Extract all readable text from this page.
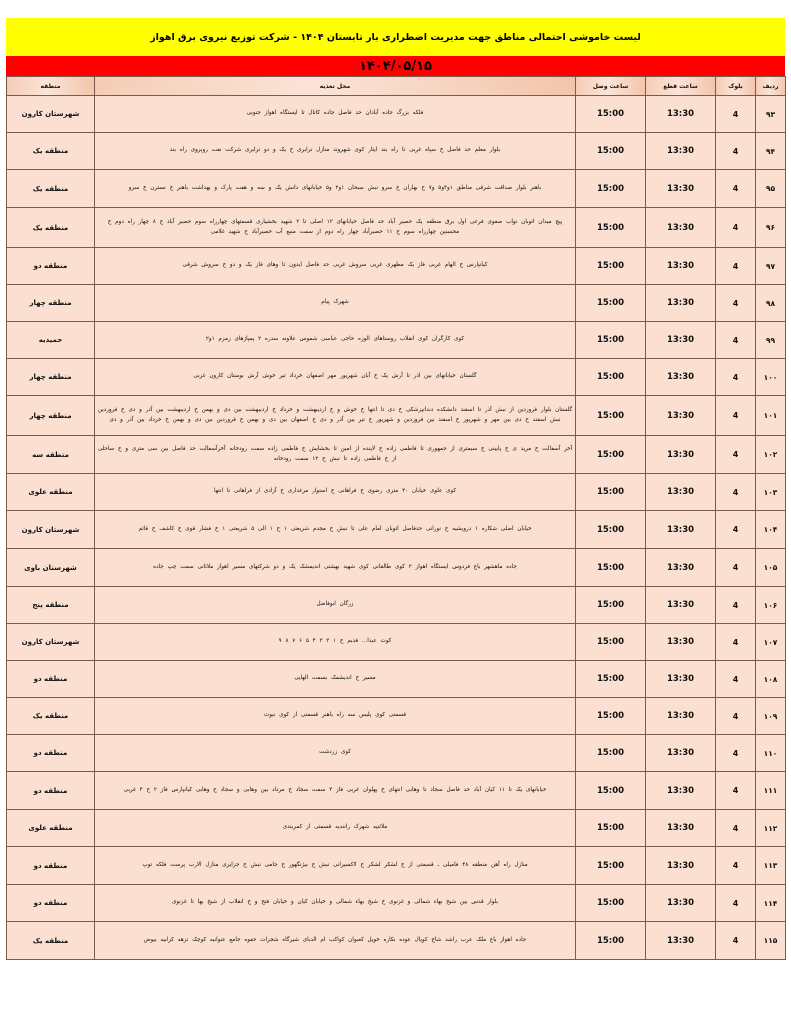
لیست خاموشی احتمالی مناطق جهت مدیریت اضطراری بار تابستان ۱۴۰۴ - شرکت توزیع نیروی برق اهواز
۱۴۰۴/۰۵/۱۵
ردیف	بلوک	ساعت قطع	ساعت وصل	محل تغذیه	منطقه
۹۳	4	13:30	15:00	فلکه بزرگ جاده آبادان حد فاصل جاده کانال تا ایستگاه اهواز جنوبی	شهرستان کارون
۹۴	4	13:30	15:00	بلوار معلم حد فاصل خ سپاه غربی تا راه بند ایثار کوی شهروند منازل ترابری خ یک و دو ترابری شرکت نفت روبروی راه بند	منطقه یک
۹۵	4	13:30	15:00	باهنر بلوار صداقت شرقی مناطق ۱و۳و۵ و۷ خ بهاران خ سرو نبش سبحان ۱و۲ و۵ خیابانهای دانش یک و سه و هفت پارک و بهداشت باهنر خ نسترن خ سرو	منطقه یک
۹۶	4	13:30	15:00	پیچ میدان اتوبان نواب صفوی فرعی اول برق منطقه یک حصیر آباد حد فاصل خیابانهای ۱۲ اصلی تا ۲ شهید بخشیاری قسمتهای چهارراه سوم حصیر آباد خ ۸ چهار راه دوم خ محسنین چهارراه سوم خ ۱۱ حصیرآباد چهار راه دوم از سمت منبع آب حصیرآباد خ شهید غلامی	منطقه یک
۹۷	4	13:30	15:00	کیانپارس خ الهام غربی فاز یک مطهری غربی سروش غربی حد فاصل ایدون تا وهای فاز یک و دو خ سروش شرقی	منطقه دو
۹۸	4	13:30	15:00	شهرک پیام	منطقه چهار
۹۹	4	13:30	15:00	کوی کارگران کوی انقلاب روستاهای الوزه حاجی عباسی شموس علاونه سدره ۲ پمپاژهای زمزم ۱و۲	حمیدیه
۱۰۰	4	13:30	15:00	گلستان خیابانهای بین اذر تا آرش یک خ آبان شهریور مهر اصفهان خرداد تیر خوش آرش بوستان کارون غربی	منطقه چهار
۱۰۱	4	13:30	15:00	گلستان بلوار فروردین از نبش آذر تا اسفند دانشکده دندانپزشکی خ دی تا انتها خ خوش و خ اردیبهشت و خرداد خ اردیبهشت بین دی و بهمن خ اردیبهشت بین آذر و دی خ فروردین نبش اسفند خ دی بین مهر و شهریور خ اسفند بین فروردین و شهریور خ تیر بین آذر و دی خ اصفهان بین دی و بهمن خ فروردین بین دی و بهمن خ خرداد بین آذر و دی	منطقه چهار
۱۰۲	4	13:30	15:00	آخر آسفالت خ مرید ی خ پایینی خ سیمتری از جمهوری تا فاطمی زاده خ لاینده از امین تا بخشایش خ فاطمی زاده سمت رودخانه آخرآسفالت حد فاصل بین سی متری و خ ساحلی از خ فاطمی زاده تا نبش خ ۱۲ سمت رودخانه	منطقه سه
۱۰۳	4	13:30	15:00	کوی علوی خیابان ۴۰ متری رضوی خ فراهانی خ استوار مرغداری خ آزادی از فراهانی تا انتها	منطقه علوی
۱۰۴	4	13:30	15:00	خیابان اصلی شکاره ۱ درویشیه خ نورانی حدفاصل اتوبان امام علی تا نبش خ مجدم شریعتی ۱ خ ۱ الی ۵ شریعتی ۱ خ فشار قوی خ کاشف خ قائم	شهرستان کارون
۱۰۵	4	13:30	15:00	جاده ماهشهر باغ فردوس ایستگاه اهواز ۲ کوی طالقانی کوی شهید بهشتی اندیمشک یک و دو شرکتهای مسیر اهواز ملاثانی سمت چپ جاده	شهرستان باوی
۱۰۶	4	13:30	15:00	زرگان ابوفاضل	منطقه پنج
۱۰۷	4	13:30	15:00	کوت عبدا... قدیم خ ۱ ۲ ۳ ۴ ۵ ۶ ۷ ۸ ۹	شهرستان کارون
۱۰۸	4	13:30	15:00	مسیر خ اندیشمک بسمت الهایی	منطقه دو
۱۰۹	4	13:30	15:00	قسمتی کوی پلیس سه راه باهنر قسمتی از کوی نبوت	منطقه یک
۱۱۰	4	13:30	15:00	کوی زردشت	منطقه دو
۱۱۱	4	13:30	15:00	خیابانهای یک تا ۱۱ کیان آباد حد فاصل سجاد تا وهابی انتهای خ پهلوان غربی فاز ۳ سمت سجاد خ مرداد بین وهابی و سجاد خ وهابی کیانپارس فاز ۲ خ ۴ غربی	منطقه دو
۱۱۲	4	13:30	15:00	ملاثنیه شهرک رانندیه قسمتی از کمربندی	منطقه علوی
۱۱۳	4	13:30	15:00	منازل راه آهن منطقه ۴۸ فامیلی ـ قسمتی از خ لشکر لشکر خ لاکسیرانی نبش خ بیژنگهور خ جامی نبش خ جزایری منازل الارب پرست فلکه توپ	منطقه دو
۱۱۴	4	13:30	15:00	بلوار قدس بین شیخ بهاء شمالی و غزنوی خ شیخ بهاء شمالی و خیابان کیان و خیابان فتح و خ انقلاب از شیخ بها تا غزنوی	منطقه دو
۱۱۵	4	13:30	15:00	جاده اهواز باغ ملک عرب راشد شاخ کوپال عوده نکاره خویل کعبوان کواکب ام الدبای شیرگاه شجرات حفوه جامع عنوانیه کوچک نزهه کرابیه بیوض	منطقه یک
